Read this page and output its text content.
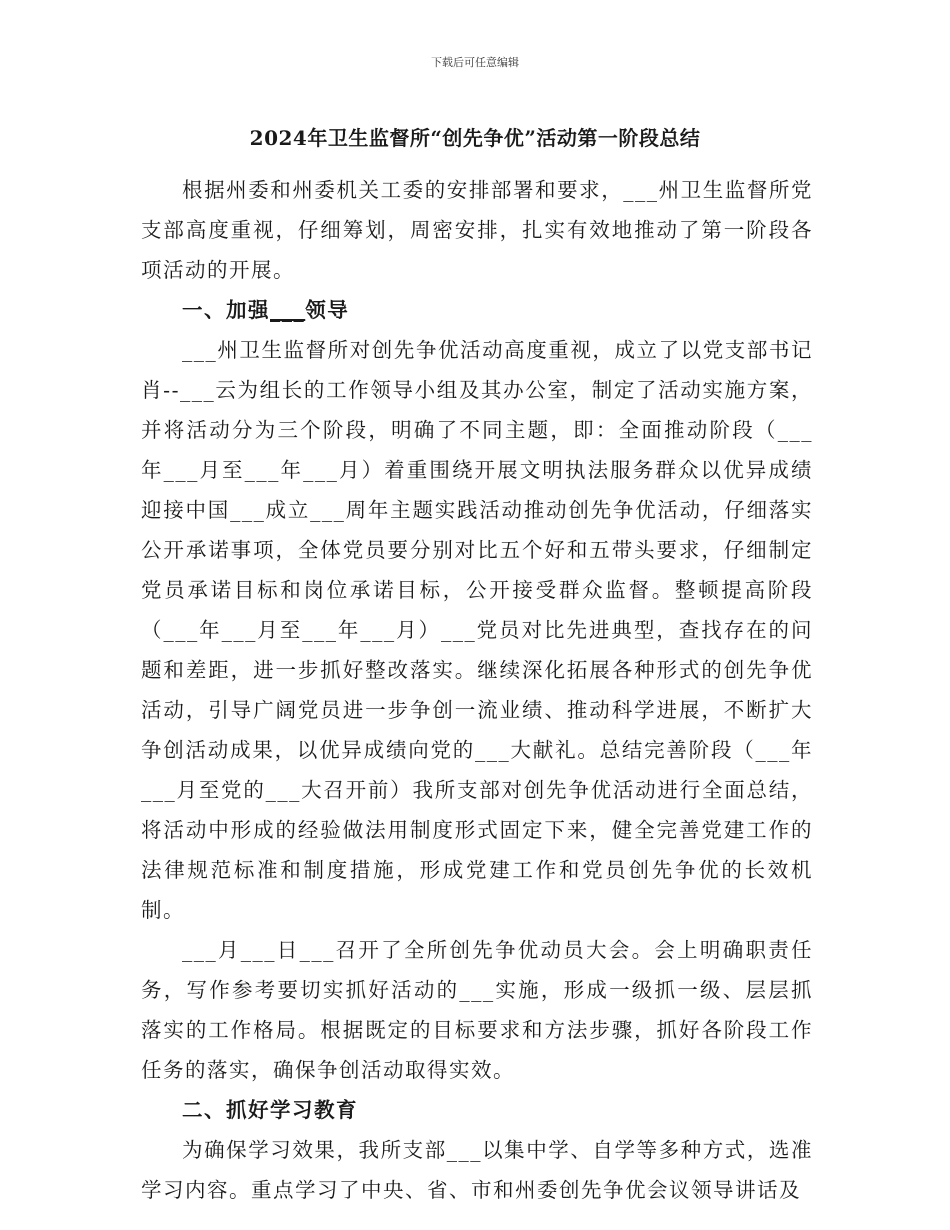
下载后可任意编辑
2024年卫生监督所“创先争优”活动第一阶段总结

根据州委和州委机关工委的安排部署和要求，___州卫生监督所党支部高度重视，仔细筹划，周密安排，扎实有效地推动了第一阶段各项活动的开展。

一、加强___领导

___州卫生监督所对创先争优活动高度重视，成立了以党支部书记肖--___云为组长的工作领导小组及其办公室，制定了活动实施方案，并将活动分为三个阶段，明确了不同主题，即：全面推动阶段（___年___月至___年___月）着重围绕开展文明执法服务群众以优异成绩迎接中国___成立___周年主题实践活动推动创先争优活动，仔细落实公开承诺事项，全体党员要分别对比五个好和五带头要求，仔细制定党员承诺目标和岗位承诺目标，公开接受群众监督。整顿提高阶段（___年___月至___年___月）___党员对比先进典型，查找存在的问题和差距，进一步抓好整改落实。继续深化拓展各种形式的创先争优活动，引导广阔党员进一步争创一流业绩、推动科学进展，不断扩大争创活动成果，以优异成绩向党的___大献礼。总结完善阶段（___年___月至党的___大召开前）我所支部对创先争优活动进行全面总结，将活动中形成的经验做法用制度形式固定下来，健全完善党建工作的法律规范标准和制度措施，形成党建工作和党员创先争优的长效机制。

___月___日___召开了全所创先争优动员大会。会上明确职责任务，写作参考要切实抓好活动的___实施，形成一级抓一级、层层抓落实的工作格局。根据既定的目标要求和方法步骤，抓好各阶段工作任务的落实，确保争创活动取得实效。

二、抓好学习教育

为确保学习效果，我所支部___以集中学、自学等多种方式，选准学习内容。重点学习了中央、省、市和州委创先争优会议领导讲话及
